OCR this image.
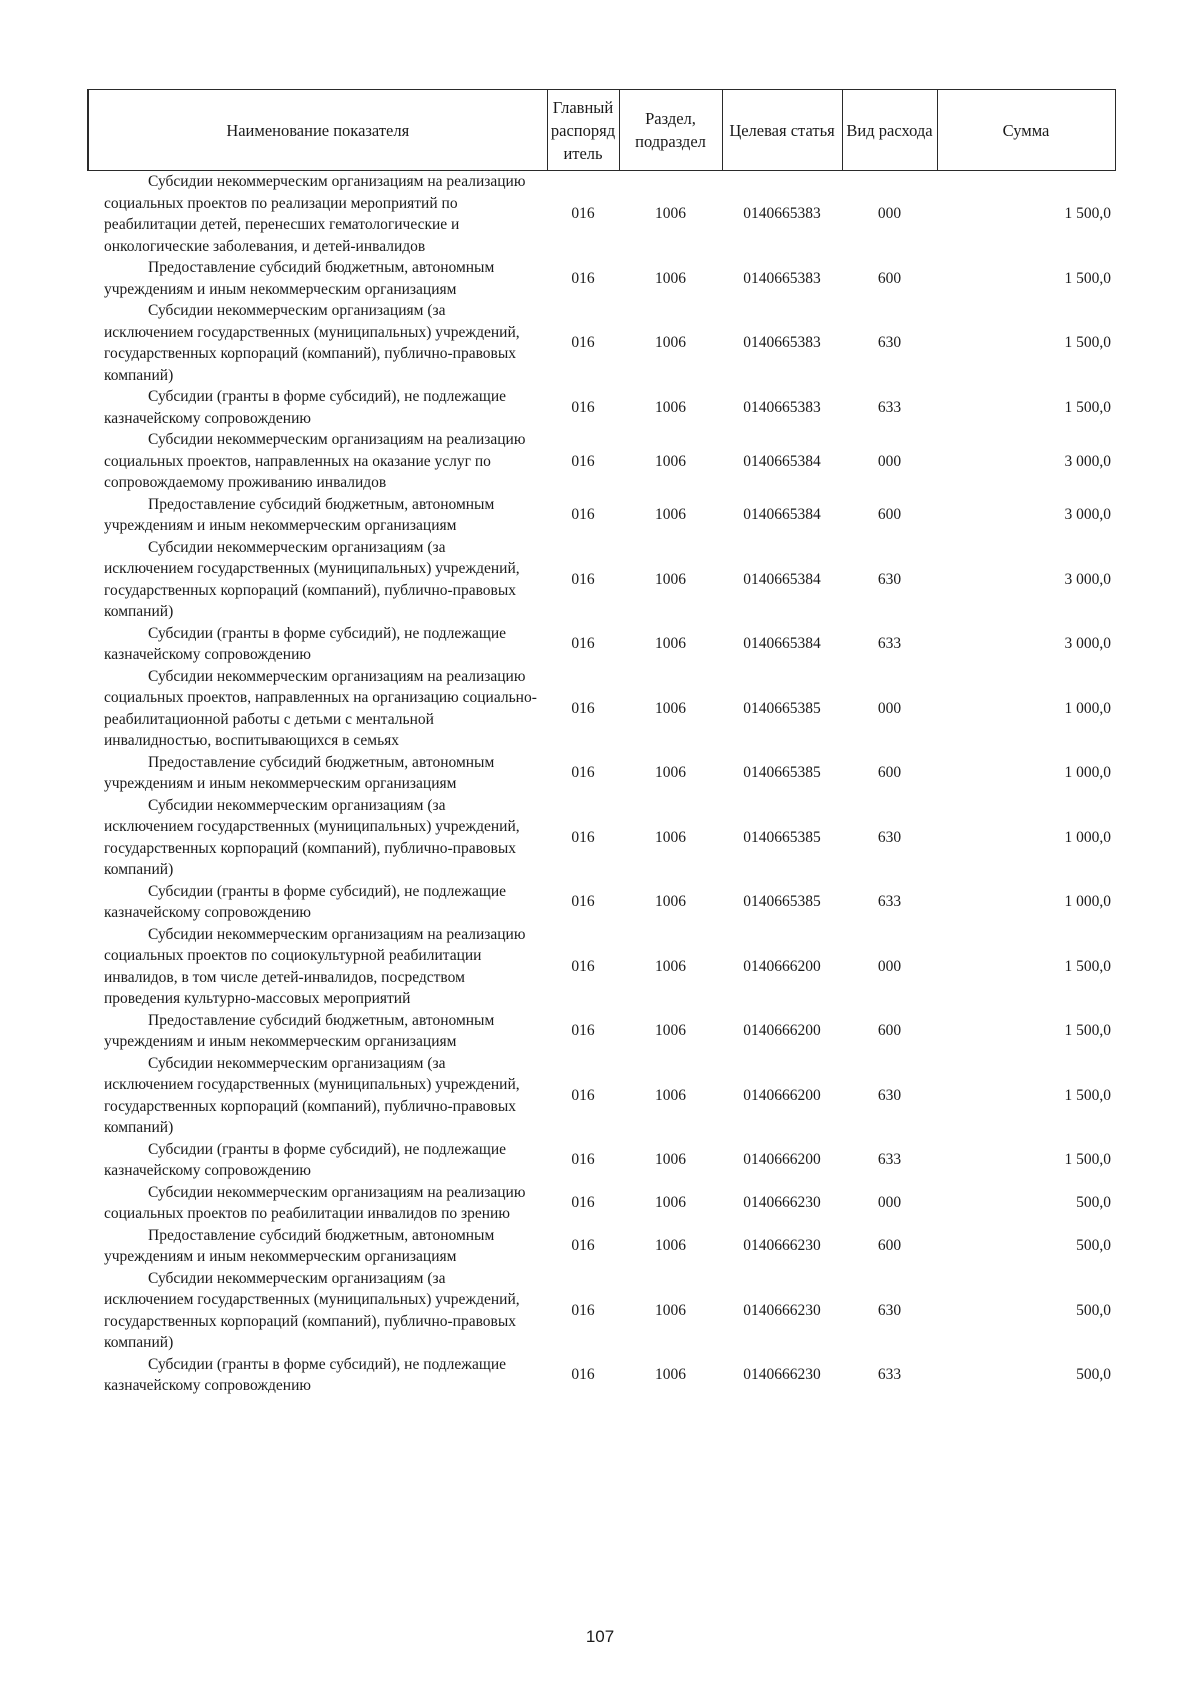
Наименование показателя	Главный распоряд итель	Раздел, подраздел	Целевая статья	Вид расхода	Сумма
Субсидии некоммерческим организациям на реализацию социальных проектов по реализации мероприятий по реабилитации детей, перенесших гематологические и онкологические заболевания, и детей-инвалидов	016	1006	0140665383	000	1 500,0
Предоставление субсидий бюджетным, автономным учреждениям и иным некоммерческим организациям	016	1006	0140665383	600	1 500,0
Субсидии некоммерческим организациям (за исключением государственных (муниципальных) учреждений, государственных корпораций (компаний), публично-правовых компаний)	016	1006	0140665383	630	1 500,0
Субсидии (гранты в форме субсидий), не подлежащие казначейскому сопровождению	016	1006	0140665383	633	1 500,0
Субсидии некоммерческим организациям на реализацию социальных проектов, направленных на оказание услуг по сопровождаемому проживанию инвалидов	016	1006	0140665384	000	3 000,0
Предоставление субсидий бюджетным, автономным учреждениям и иным некоммерческим организациям	016	1006	0140665384	600	3 000,0
Субсидии некоммерческим организациям (за исключением государственных (муниципальных) учреждений, государственных корпораций (компаний), публично-правовых компаний)	016	1006	0140665384	630	3 000,0
Субсидии (гранты в форме субсидий), не подлежащие казначейскому сопровождению	016	1006	0140665384	633	3 000,0
Субсидии некоммерческим организациям на реализацию социальных проектов, направленных на организацию социально-реабилитационной работы с детьми с ментальной инвалидностью, воспитывающихся в семьях	016	1006	0140665385	000	1 000,0
Предоставление субсидий бюджетным, автономным учреждениям и иным некоммерческим организациям	016	1006	0140665385	600	1 000,0
Субсидии некоммерческим организациям (за исключением государственных (муниципальных) учреждений, государственных корпораций (компаний), публично-правовых компаний)	016	1006	0140665385	630	1 000,0
Субсидии (гранты в форме субсидий), не подлежащие казначейскому сопровождению	016	1006	0140665385	633	1 000,0
Субсидии некоммерческим организациям на реализацию социальных проектов по социокультурной реабилитации инвалидов, в том числе детей-инвалидов, посредством проведения культурно-массовых мероприятий	016	1006	0140666200	000	1 500,0
Предоставление субсидий бюджетным, автономным учреждениям и иным некоммерческим организациям	016	1006	0140666200	600	1 500,0
Субсидии некоммерческим организациям (за исключением государственных (муниципальных) учреждений, государственных корпораций (компаний), публично-правовых компаний)	016	1006	0140666200	630	1 500,0
Субсидии (гранты в форме субсидий), не подлежащие казначейскому сопровождению	016	1006	0140666200	633	1 500,0
Субсидии некоммерческим организациям на реализацию социальных проектов по реабилитации инвалидов по зрению	016	1006	0140666230	000	500,0
Предоставление субсидий бюджетным, автономным учреждениям и иным некоммерческим организациям	016	1006	0140666230	600	500,0
Субсидии некоммерческим организациям (за исключением государственных (муниципальных) учреждений, государственных корпораций (компаний), публично-правовых компаний)	016	1006	0140666230	630	500,0
Субсидии (гранты в форме субсидий), не подлежащие казначейскому сопровождению	016	1006	0140666230	633	500,0
107
